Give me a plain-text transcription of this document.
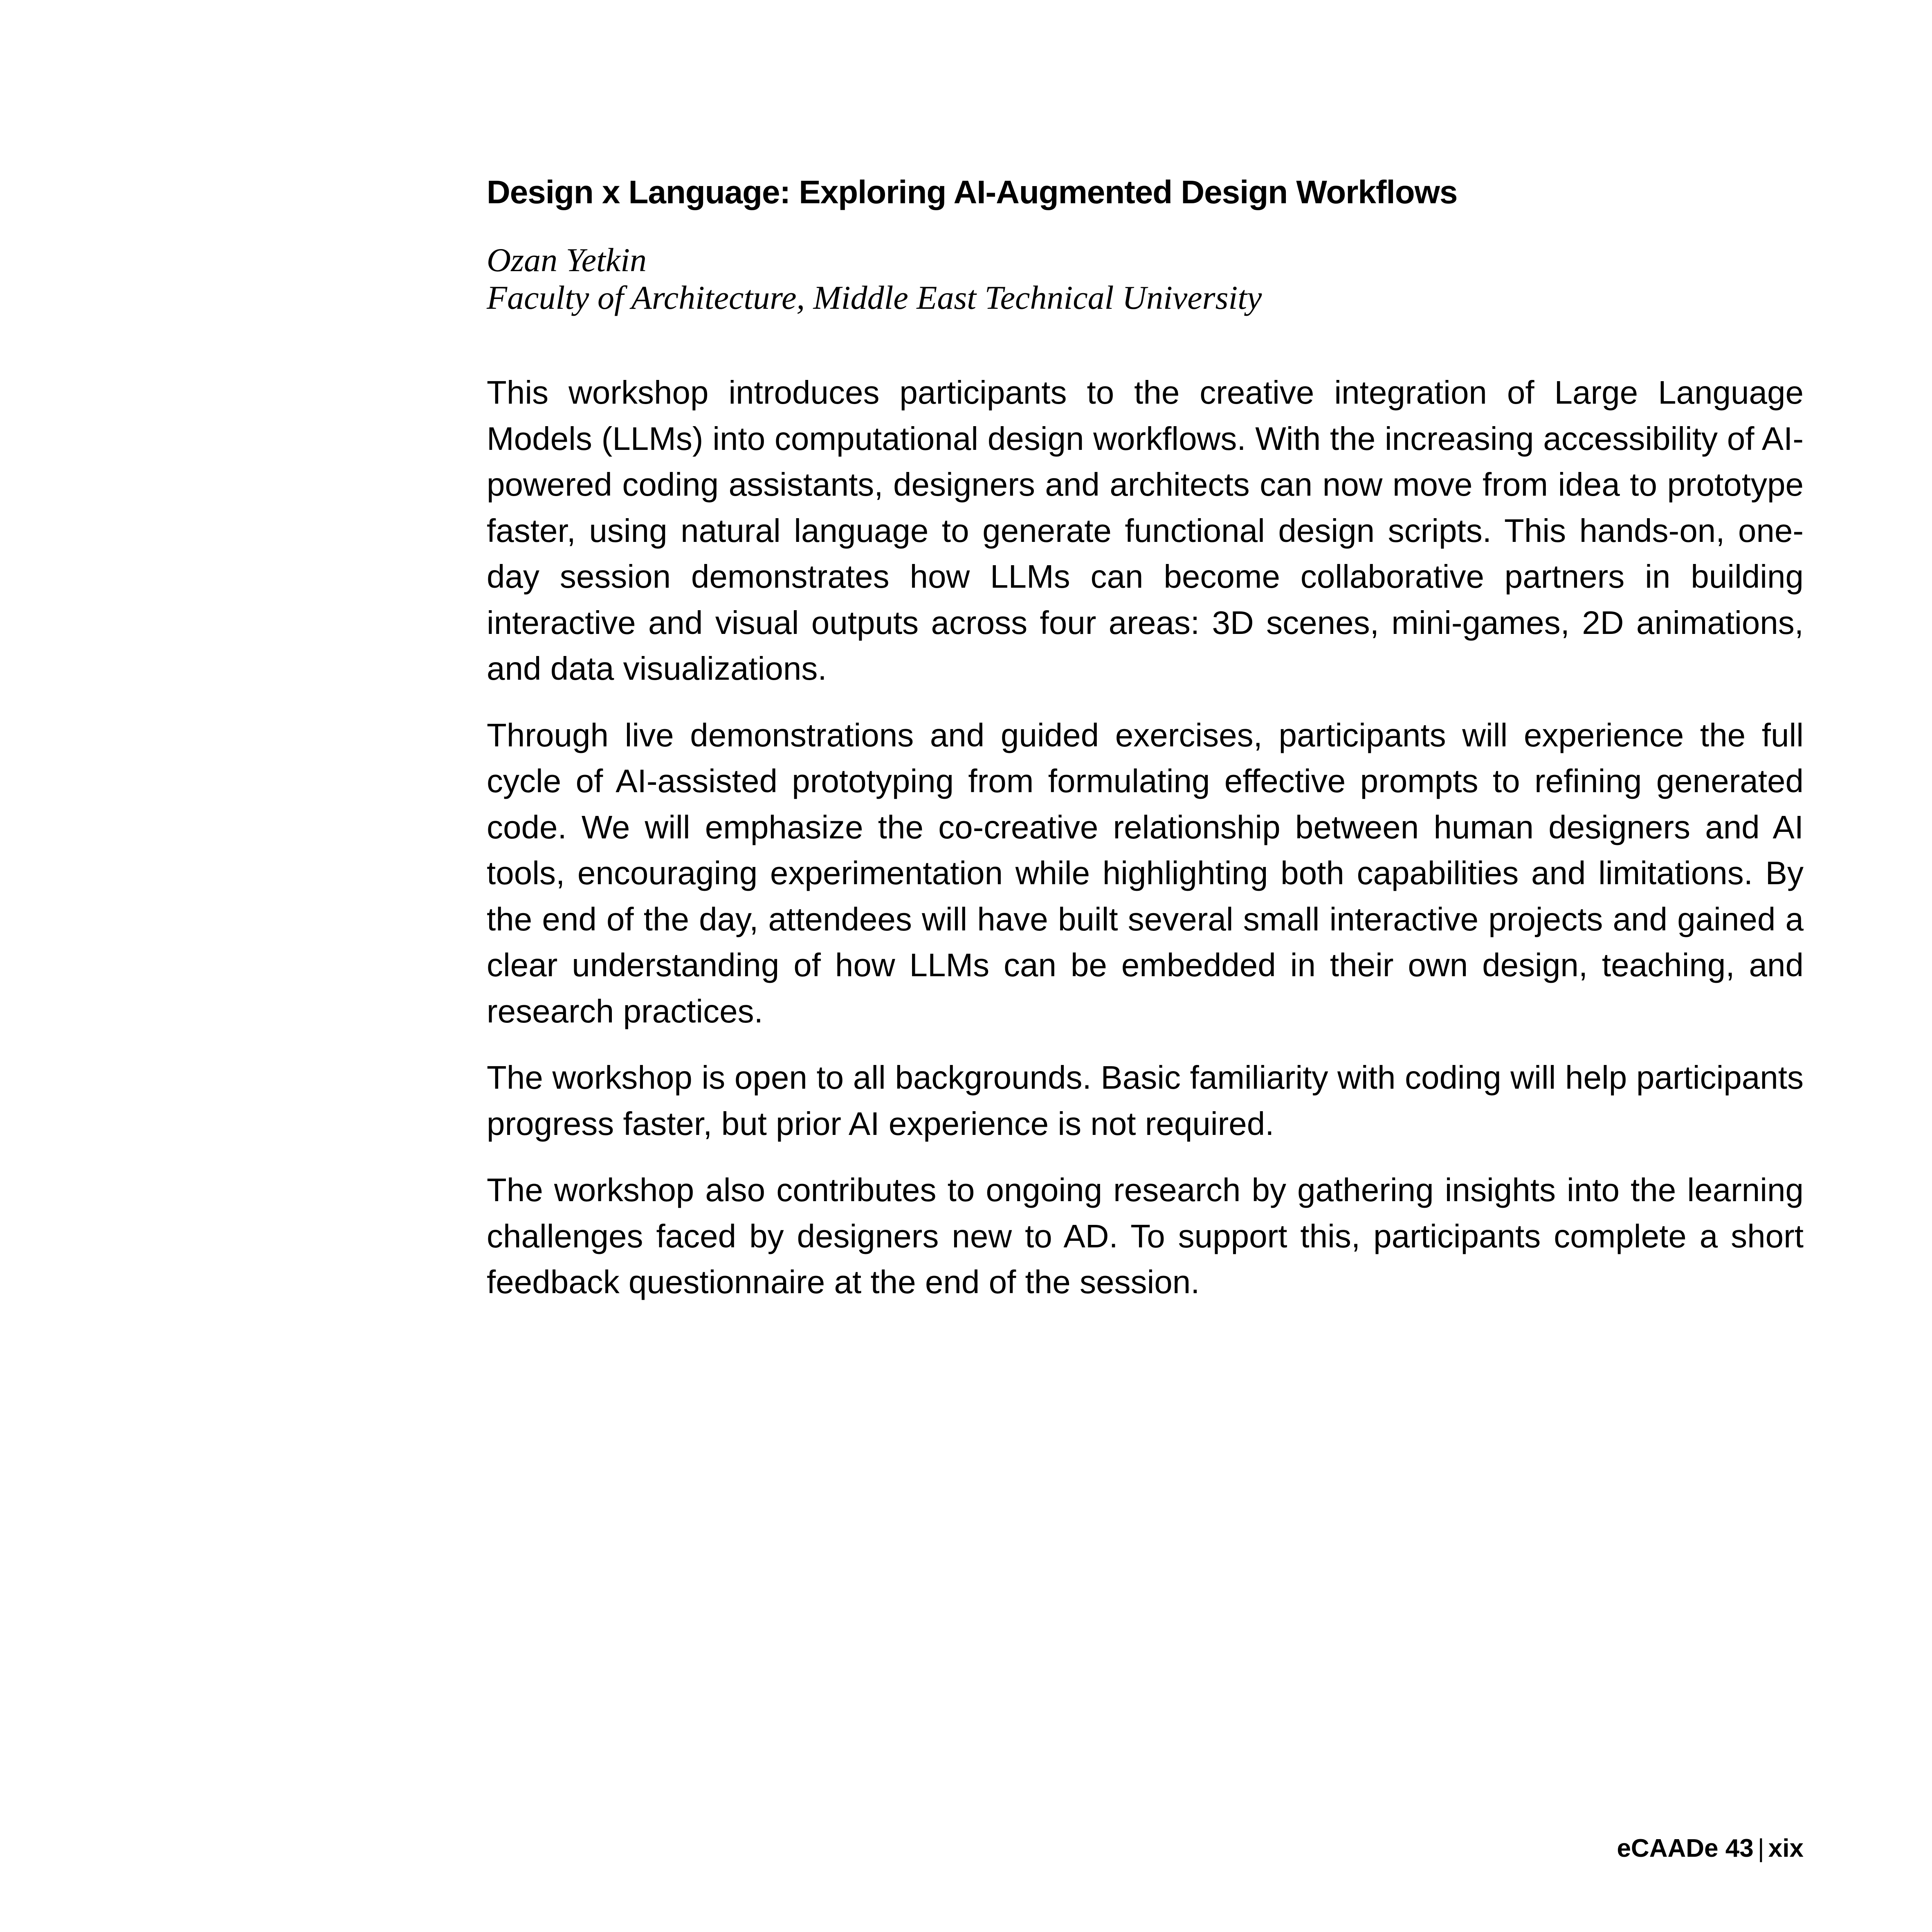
Design x Language: Exploring AI-Augmented Design Workflows
Ozan Yetkin
Faculty of Architecture, Middle East Technical University

This workshop introduces participants to the creative integration of Large Language Models (LLMs) into computational design workflows. With the increasing accessibility of AI-powered coding assistants, designers and architects can now move from idea to prototype faster, using natural language to generate functional design scripts. This hands-on, one-day session demonstrates how LLMs can become collaborative partners in building interactive and visual outputs across four areas: 3D scenes, mini-games, 2D animations, and data visualizations.

Through live demonstrations and guided exercises, participants will experience the full cycle of AI-assisted prototyping from formulating effective prompts to refining generated code. We will emphasize the co-creative relationship between human designers and AI tools, encouraging experimentation while highlighting both capabilities and limitations. By the end of the day, attendees will have built several small interactive projects and gained a clear understanding of how LLMs can be embedded in their own design, teaching, and research practices.

The workshop is open to all backgrounds. Basic familiarity with coding will help participants progress faster, but prior AI experience is not required.

The workshop also contributes to ongoing research by gathering insights into the learning challenges faced by designers new to AD. To support this, participants complete a short feedback questionnaire at the end of the session.

eCAADe 43 | xix
